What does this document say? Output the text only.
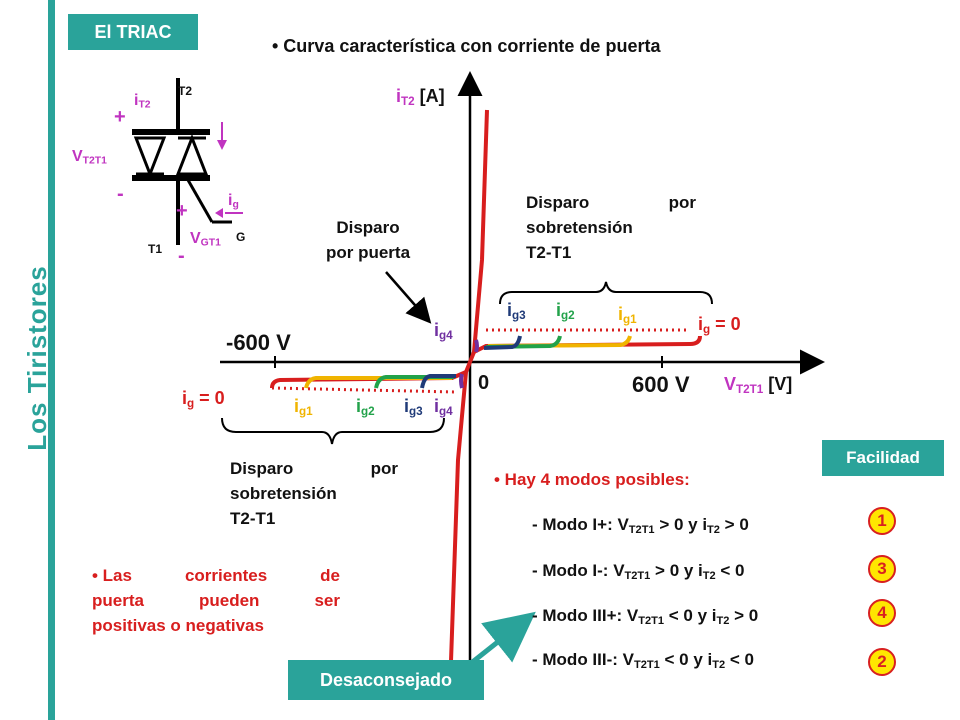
Los Tiristores
El TRIAC
• Curva característica con corriente de puerta
$i_{T2}$
T2
+
$V_{T2T1}$
-	$i_g$
+
$V_{GT1}$ G
-
T1
$i_{T2}$ [A]
$V_{T2T1}$ [V]
0	600 V
-600 V
$i_{g3}$ $i_{g2}$ $i_{g1}$	$i_g = 0$
$i_{g4}$
$i_g = 0$	$i_{g1}$ $i_{g2}$ $i_{g3}$ $i_{g4}$
Disparo
por puerta
Disparo	por
sobretensión
T2-T1
Disparo	por
sobretensión
T2-T1
• Las	corrientes	de
puerta	pueden	ser
positivas o negativas
• Hay 4 modos posibles:
Facilidad
- Modo I+: $V_{T2T1} > 0$ y $i_{T2} > 0$	1
- Modo I-: $V_{T2T1} > 0$ y $i_{T2} < 0$	3
- Modo III+: $V_{T2T1} < 0$ y $i_{T2} > 0$	4
- Modo III-: $V_{T2T1} < 0$ y $i_{T2} < 0$	2
Desaconsejado
